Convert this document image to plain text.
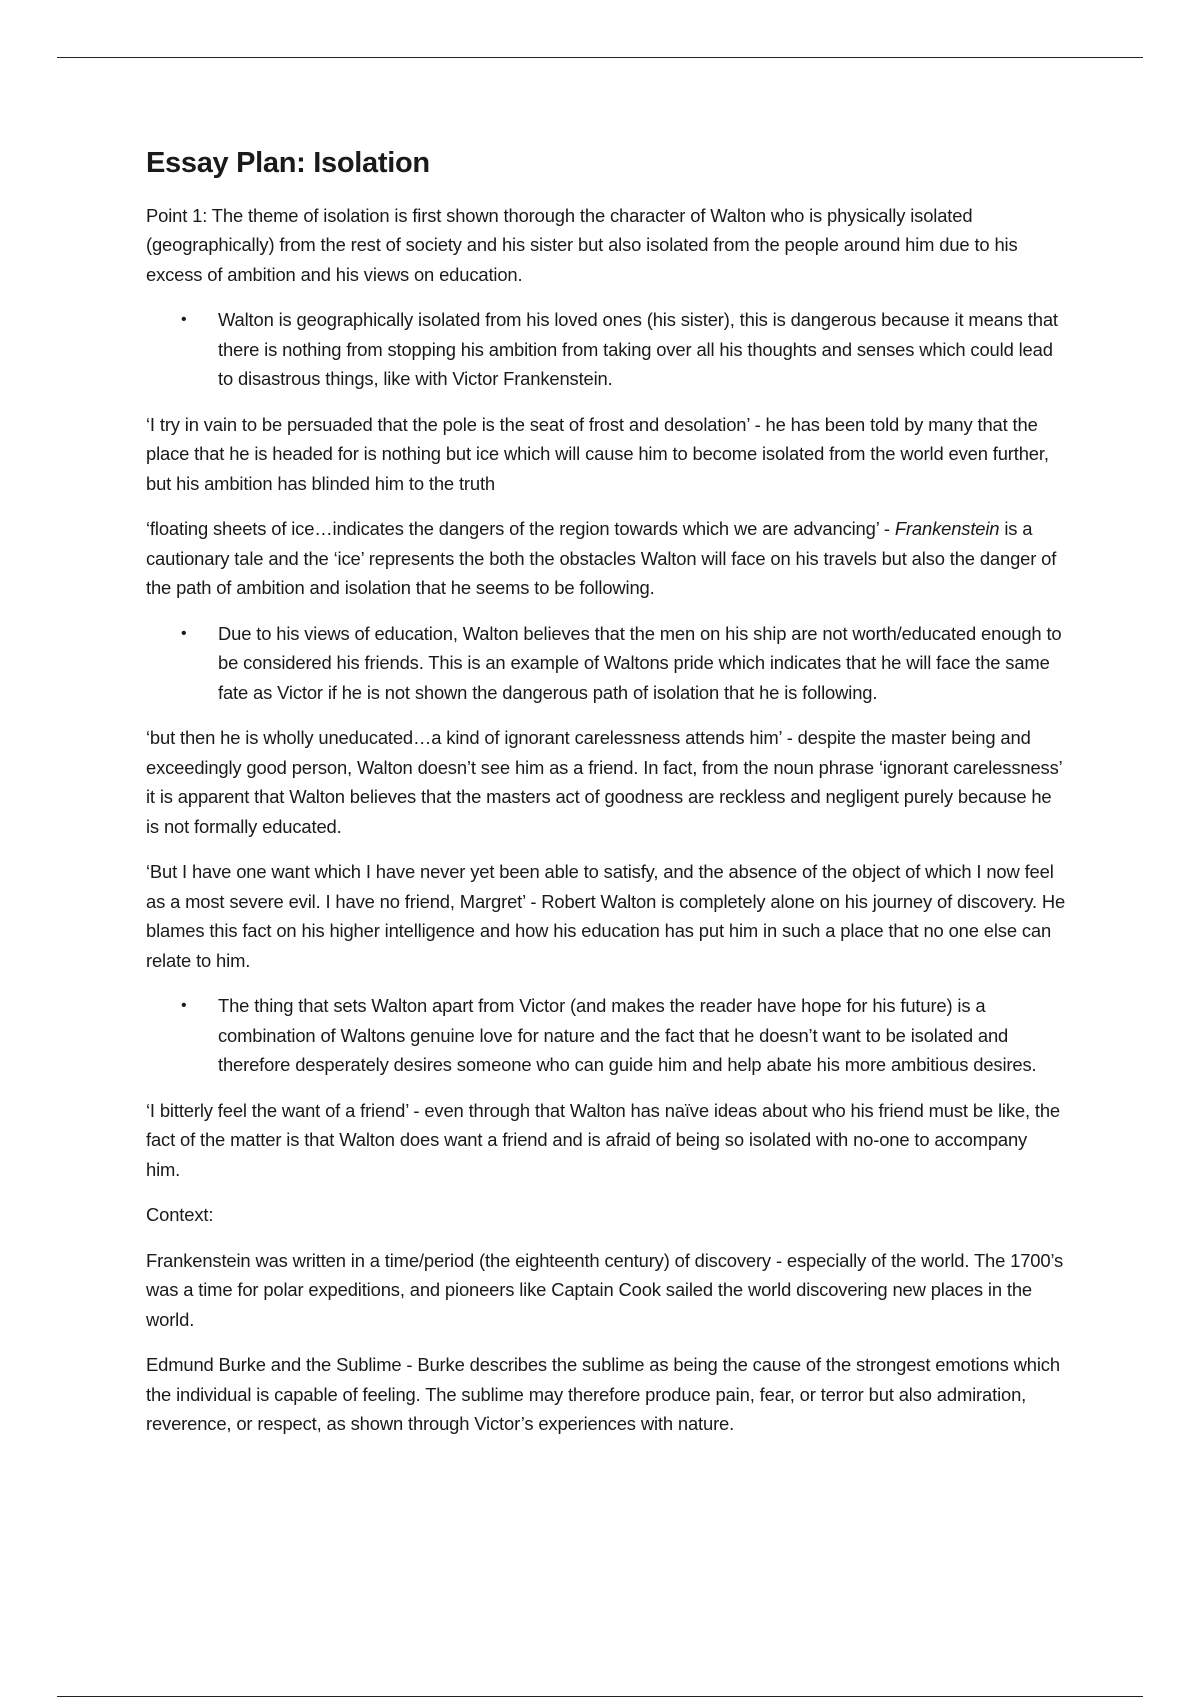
Essay Plan: Isolation

Point 1: The theme of isolation is first shown thorough the character of Walton who is physically isolated (geographically) from the rest of society and his sister but also isolated from the people around him due to his excess of ambition and his views on education.

• Walton is geographically isolated from his loved ones (his sister), this is dangerous because it means that there is nothing from stopping his ambition from taking over all his thoughts and senses which could lead to disastrous things, like with Victor Frankenstein.

‘I try in vain to be persuaded that the pole is the seat of frost and desolation’ - he has been told by many that the place that he is headed for is nothing but ice which will cause him to become isolated from the world even further, but his ambition has blinded him to the truth

‘floating sheets of ice…indicates the dangers of the region towards which we are advancing’ - Frankenstein is a cautionary tale and the ‘ice’ represents the both the obstacles Walton will face on his travels but also the danger of the path of ambition and isolation that he seems to be following.

• Due to his views of education, Walton believes that the men on his ship are not worth/educated enough to be considered his friends. This is an example of Waltons pride which indicates that he will face the same fate as Victor if he is not shown the dangerous path of isolation that he is following.

‘but then he is wholly uneducated…a kind of ignorant carelessness attends him’ - despite the master being and exceedingly good person, Walton doesn’t see him as a friend. In fact, from the noun phrase ‘ignorant carelessness’ it is apparent that Walton believes that the masters act of goodness are reckless and negligent purely because he is not formally educated.

‘But I have one want which I have never yet been able to satisfy, and the absence of the object of which I now feel as a most severe evil. I have no friend, Margret’ - Robert Walton is completely alone on his journey of discovery. He blames this fact on his higher intelligence and how his education has put him in such a place that no one else can relate to him.

• The thing that sets Walton apart from Victor (and makes the reader have hope for his future) is a combination of Waltons genuine love for nature and the fact that he doesn’t want to be isolated and therefore desperately desires someone who can guide him and help abate his more ambitious desires.

‘I bitterly feel the want of a friend’ - even through that Walton has naïve ideas about who his friend must be like, the fact of the matter is that Walton does want a friend and is afraid of being so isolated with no-one to accompany him.

Context:

Frankenstein was written in a time/period (the eighteenth century) of discovery - especially of the world. The 1700’s was a time for polar expeditions, and pioneers like Captain Cook sailed the world discovering new places in the world.

Edmund Burke and the Sublime - Burke describes the sublime as being the cause of the strongest emotions which the individual is capable of feeling. The sublime may therefore produce pain, fear, or terror but also admiration, reverence, or respect, as shown through Victor’s experiences with nature.
